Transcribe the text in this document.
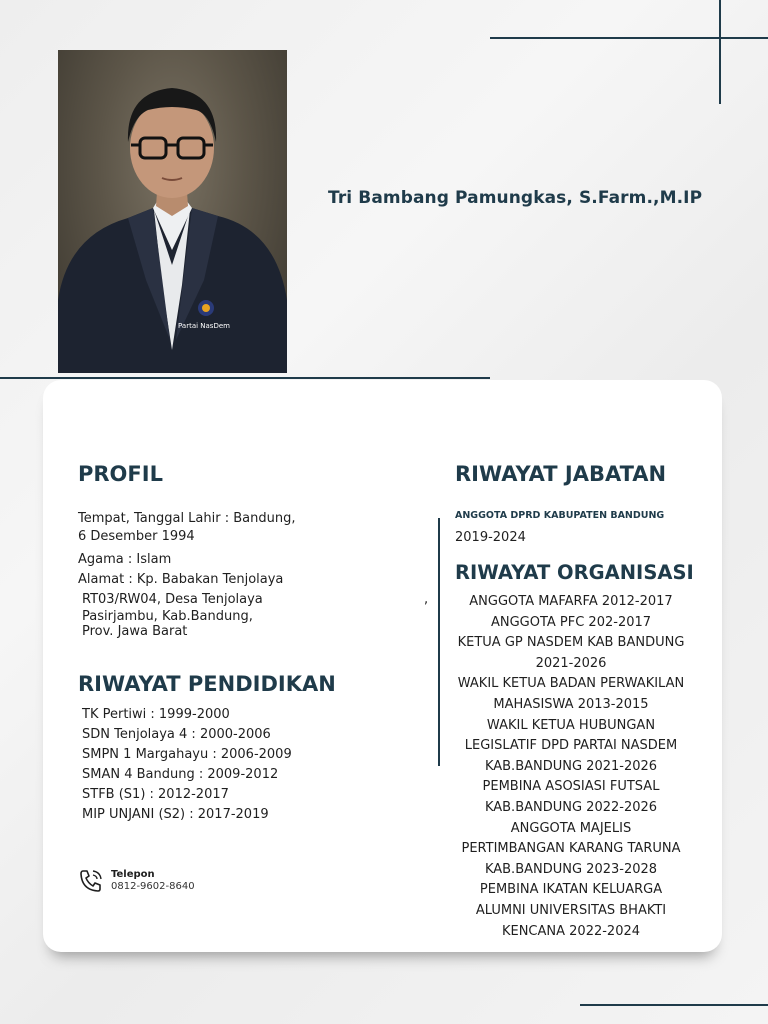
Partai NasDem
Tri Bambang Pamungkas, S.Farm.,M.IP
PROFIL
Tempat, Tanggal Lahir : Bandung,
6 Desember 1994
Agama : Islam
Alamat : Kp. Babakan Tenjolaya
RT03/RW04, Desa Tenjolaya
Pasirjambu, Kab.Bandung,
Prov. Jawa Barat
,
RIWAYAT PENDIDIKAN
TK Pertiwi : 1999-2000
SDN Tenjolaya 4 : 2000-2006
SMPN 1 Margahayu : 2006-2009
SMAN 4 Bandung : 2009-2012
STFB (S1) : 2012-2017
MIP UNJANI (S2) : 2017-2019
Telepon
0812-9602-8640
RIWAYAT JABATAN
ANGGOTA DPRD KABUPATEN BANDUNG
2019-2024
RIWAYAT ORGANISASI
ANGGOTA MAFARFA 2012-2017
ANGGOTA PFC 202-2017
KETUA GP NASDEM KAB BANDUNG
2021-2026
WAKIL KETUA BADAN PERWAKILAN
MAHASISWA 2013-2015
WAKIL KETUA HUBUNGAN
LEGISLATIF DPD PARTAI NASDEM
KAB.BANDUNG 2021-2026
PEMBINA ASOSIASI FUTSAL
KAB.BANDUNG 2022-2026
ANGGOTA MAJELIS
PERTIMBANGAN KARANG TARUNA
KAB.BANDUNG 2023-2028
PEMBINA IKATAN KELUARGA
ALUMNI UNIVERSITAS BHAKTI
KENCANA 2022-2024
